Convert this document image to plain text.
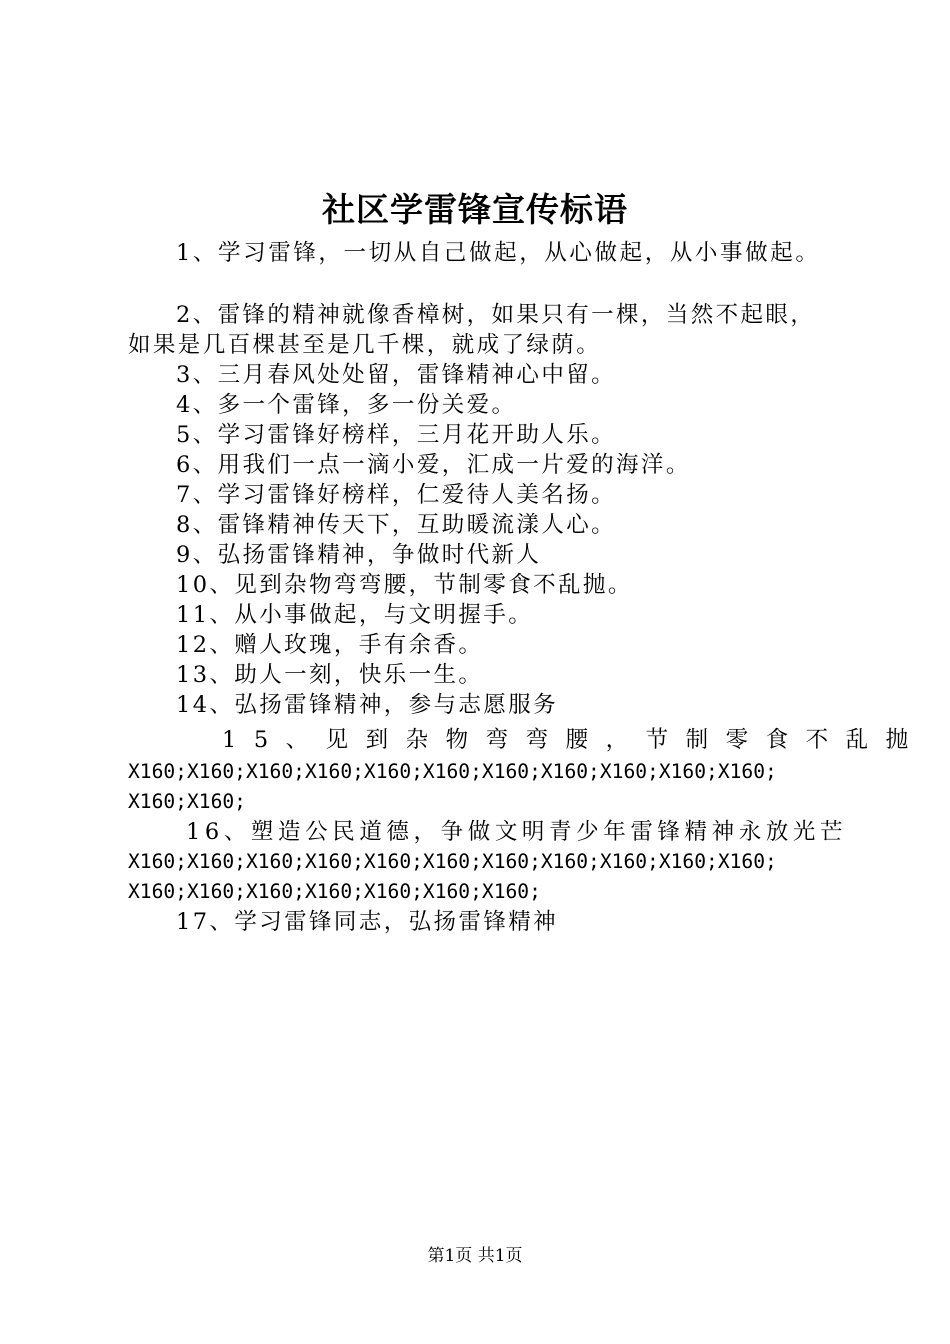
社区学雷锋宣传标语
1、学习雷锋，一切从自己做起，从心做起，从小事做起。
2、雷锋的精神就像香樟树，如果只有一棵，当然不起眼，
如果是几百棵甚至是几千棵，就成了绿荫。
3、三月春风处处留，雷锋精神心中留。
4、多一个雷锋，多一份关爱。
5、学习雷锋好榜样，三月花开助人乐。
6、用我们一点一滴小爱，汇成一片爱的海洋。
7、学习雷锋好榜样，仁爱待人美名扬。
8、雷锋精神传天下，互助暖流漾人心。
9、弘扬雷锋精神，争做时代新人
10、见到杂物弯弯腰，节制零食不乱抛。
11、从小事做起，与文明握手。
12、赠人玫瑰，手有余香。
13、助人一刻，快乐一生。
14、弘扬雷锋精神，参与志愿服务
15、见到杂物弯弯腰，节制零食不乱抛
X160;X160;X160;X160;X160;X160;X160;X160;X160;X160;X160;
X160;X160;
16、塑造公民道德，争做文明青少年雷锋精神永放光芒
X160;X160;X160;X160;X160;X160;X160;X160;X160;X160;X160;
X160;X160;X160;X160;X160;X160;X160;
17、学习雷锋同志，弘扬雷锋精神
第1页 共1页
